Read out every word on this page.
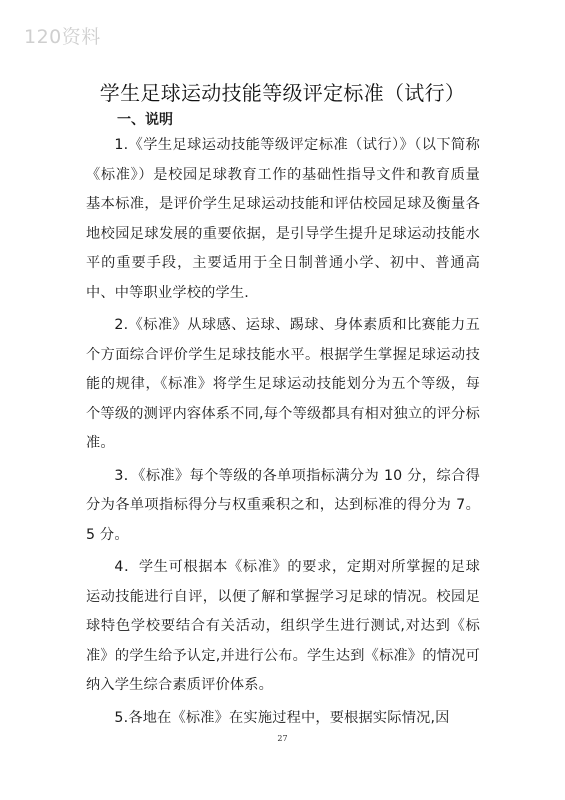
120资料
学生足球运动技能等级评定标准（试行）
一、说明

1.《学生足球运动技能等级评定标准（试行）》（以下简称《标准》）是校园足球教育工作的基础性指导文件和教育质量基本标准，是评价学生足球运动技能和评估校园足球及衡量各地校园足球发展的重要依据，是引导学生提升足球运动技能水平的重要手段，主要适用于全日制普通小学、初中、普通高中、中等职业学校的学生.

2.《标准》从球感、运球、踢球、身体素质和比赛能力五个方面综合评价学生足球技能水平。根据学生掌握足球运动技能的规律，《标准》将学生足球运动技能划分为五个等级，每个等级的测评内容体系不同,每个等级都具有相对独立的评分标准。

3．《标准》每个等级的各单项指标满分为 10 分，综合得分为各单项指标得分与权重乘积之和，达到标准的得分为 7。5 分。

4．学生可根据本《标准》的要求，定期对所掌握的足球运动技能进行自评，以便了解和掌握学习足球的情况。校园足球特色学校要结合有关活动，组织学生进行测试,对达到《标准》的学生给予认定,并进行公布。学生达到《标准》的情况可纳入学生综合素质评价体系。

5.各地在《标准》在实施过程中，要根据实际情况,因

27
